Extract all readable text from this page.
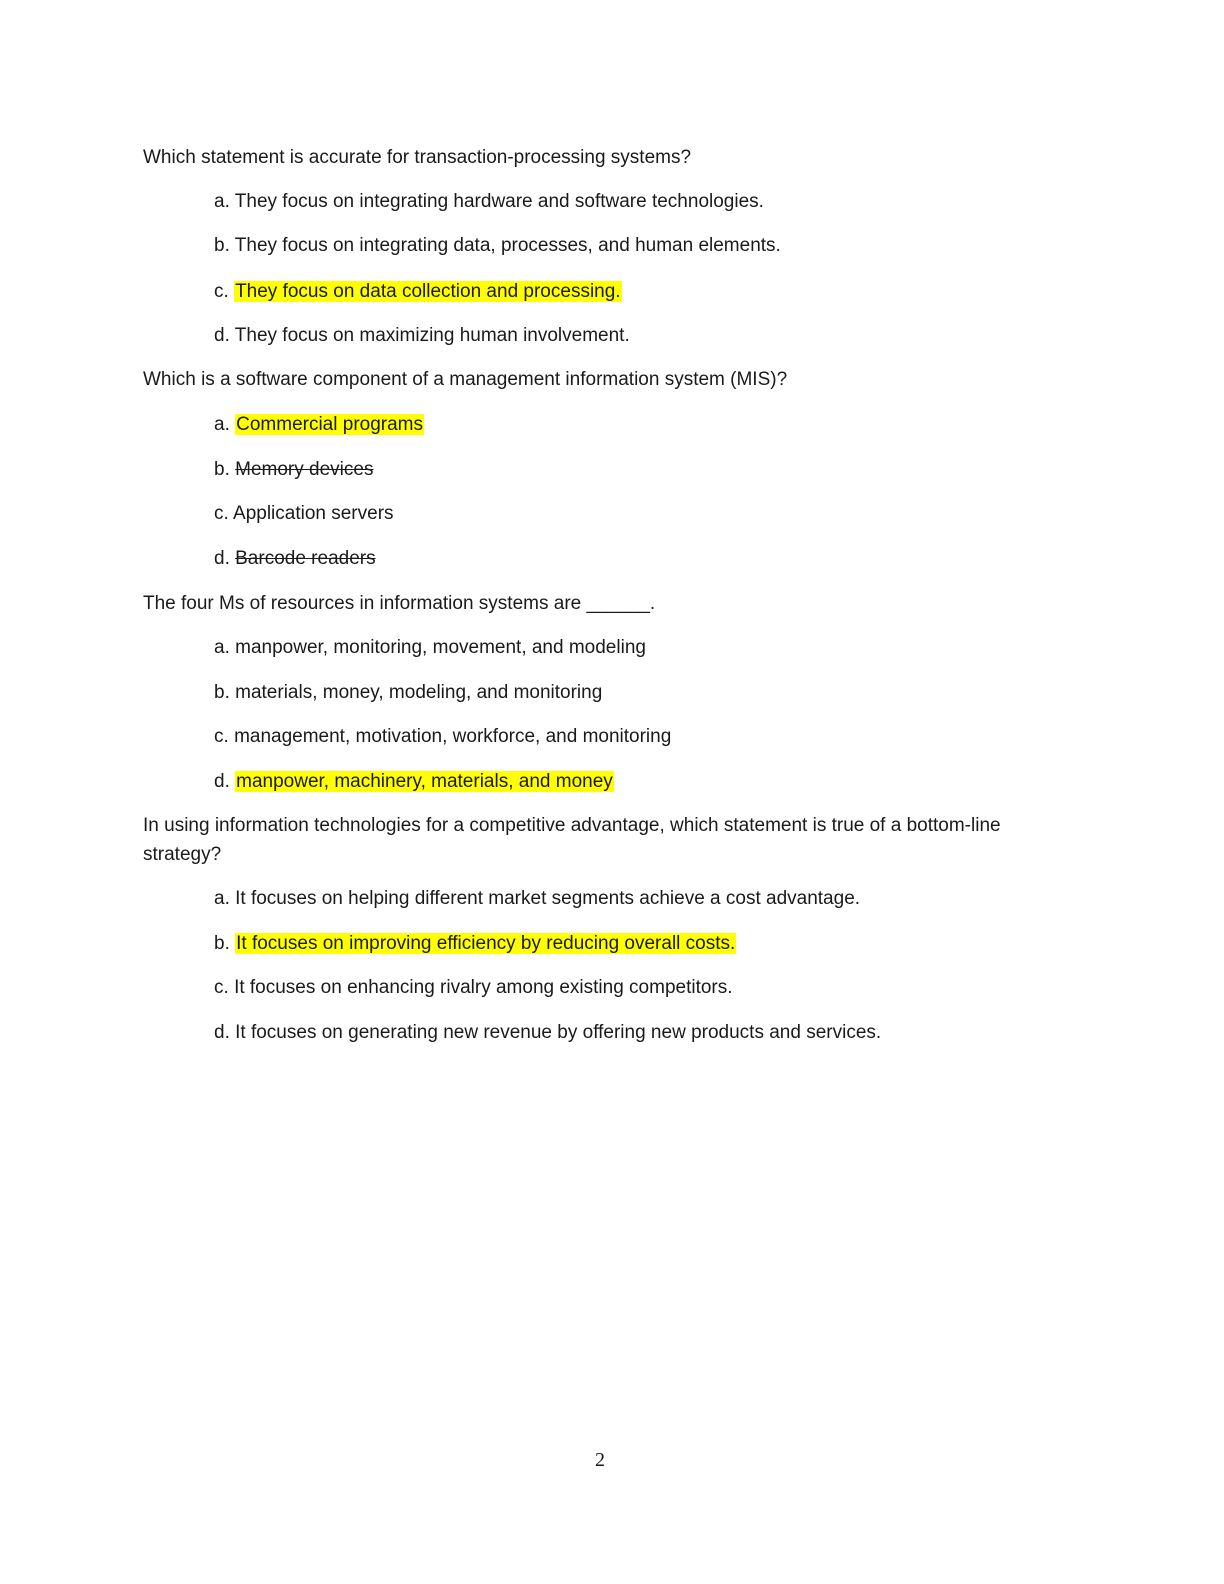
Which statement is accurate for transaction-processing systems?

a. They focus on integrating hardware and software technologies.

b. They focus on integrating data, processes, and human elements.

c. They focus on data collection and processing.

d. They focus on maximizing human involvement.

Which is a software component of a management information system (MIS)?

a. Commercial programs

b. Memory devices

c. Application servers

d. Barcode readers

The four Ms of resources in information systems are ______.

a. manpower, monitoring, movement, and modeling

b. materials, money, modeling, and monitoring

c. management, motivation, workforce, and monitoring

d. manpower, machinery, materials, and money

In using information technologies for a competitive advantage, which statement is true of a bottom-line

strategy?

a. It focuses on helping different market segments achieve a cost advantage.

b. It focuses on improving efficiency by reducing overall costs.

c. It focuses on enhancing rivalry among existing competitors.

d. It focuses on generating new revenue by offering new products and services.

2
